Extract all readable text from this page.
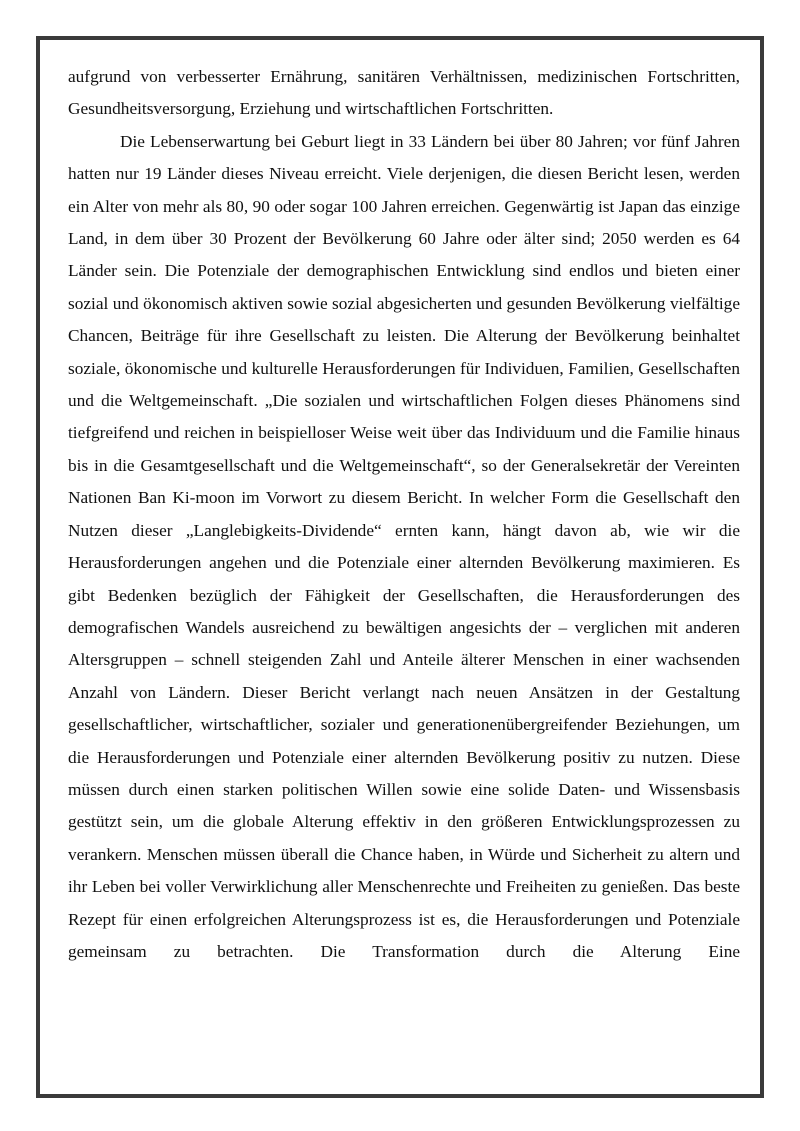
aufgrund von verbesserter Ernährung, sanitären Verhältnissen, medizinischen Fortschritten, Gesundheitsversorgung, Erziehung und wirtschaftlichen Fortschritten.

Die Lebenserwartung bei Geburt liegt in 33 Ländern bei über 80 Jahren; vor fünf Jahren hatten nur 19 Länder dieses Niveau erreicht. Viele derjenigen, die diesen Bericht lesen, werden ein Alter von mehr als 80, 90 oder sogar 100 Jahren erreichen. Gegenwärtig ist Japan das einzige Land, in dem über 30 Prozent der Bevölkerung 60 Jahre oder älter sind; 2050 werden es 64 Länder sein. Die Potenziale der demographischen Entwicklung sind endlos und bieten einer sozial und ökonomisch aktiven sowie sozial abgesicherten und gesunden Bevölkerung vielfältige Chancen, Beiträge für ihre Gesellschaft zu leisten. Die Alterung der Bevölkerung beinhaltet soziale, ökonomische und kulturelle Herausforderungen für Individuen, Familien, Gesellschaften und die Weltgemeinschaft. „Die sozialen und wirtschaftlichen Folgen dieses Phänomens sind tiefgreifend und reichen in beispielloser Weise weit über das Individuum und die Familie hinaus bis in die Gesamtgesellschaft und die Weltgemeinschaft“, so der Generalsekretär der Vereinten Nationen Ban Ki-moon im Vorwort zu diesem Bericht. In welcher Form die Gesellschaft den Nutzen dieser „Langlebigkeits-Dividende“ ernten kann, hängt davon ab, wie wir die Herausforderungen angehen und die Potenziale einer alternden Bevölkerung maximieren. Es gibt Bedenken bezüglich der Fähigkeit der Gesellschaften, die Herausforderungen des demografischen Wandels ausreichend zu bewältigen angesichts der – verglichen mit anderen Altersgruppen – schnell steigenden Zahl und Anteile älterer Menschen in einer wachsenden Anzahl von Ländern. Dieser Bericht verlangt nach neuen Ansätzen in der Gestaltung gesellschaftlicher, wirtschaftlicher, sozialer und generationenübergreifender Beziehungen, um die Herausforderungen und Potenziale einer alternden Bevölkerung positiv zu nutzen. Diese müssen durch einen starken politischen Willen sowie eine solide Daten- und Wissensbasis gestützt sein, um die globale Alterung effektiv in den größeren Entwicklungsprozessen zu verankern. Menschen müssen überall die Chance haben, in Würde und Sicherheit zu altern und ihr Leben bei voller Verwirklichung aller Menschenrechte und Freiheiten zu genießen. Das beste Rezept für einen erfolgreichen Alterungsprozess ist es, die Herausforderungen und Potenziale gemeinsam zu betrachten. Die Transformation durch die Alterung Eine
